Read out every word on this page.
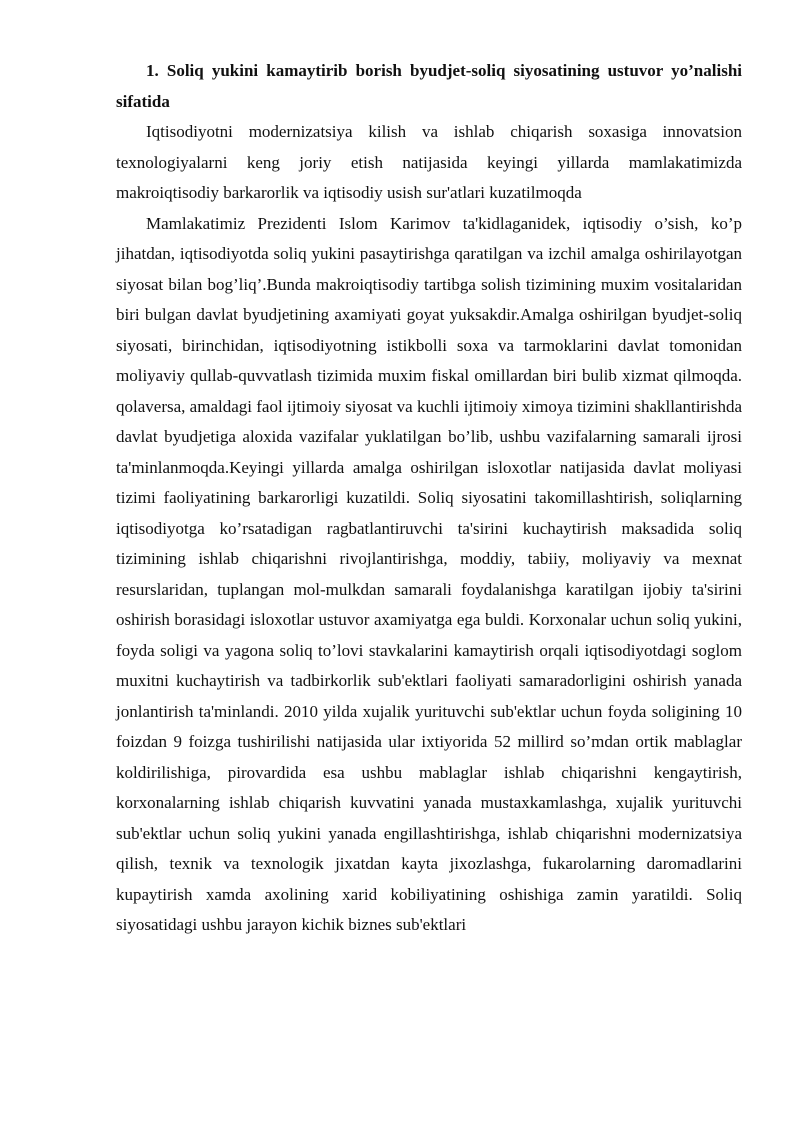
1. Soliq yukini kamaytirib borish byudjet-soliq siyosatining ustuvor yo’nalishi sifatida

Iqtisodiyotni modernizatsiya kilish va ishlab chiqarish soxasiga innovatsion texnologiyalarni keng joriy etish natijasida keyingi yillarda mamlakatimizda makroiqtisodiy barkarorlik va iqtisodiy usish sur'atlari kuzatilmoqda

Mamlakatimiz Prezidenti Islom Karimov ta'kidlaganidek, iqtisodiy o’sish, ko’p jihatdan, iqtisodiyotda soliq yukini pasaytirishga qaratilgan va izchil amalga oshirilayotgan siyosat bilan bog’liq’.Bunda makroiqtisodiy tartibga solish tizimining muxim vositalaridan biri bulgan davlat byudjetining axamiyati goyat yuksakdir.Amalga oshirilgan byudjet-soliq siyosati, birinchidan, iqtisodiyotning istikbolli soxa va tarmoklarini davlat tomonidan moliyaviy qullab-quvvatlash tizimida muxim fiskal omillardan biri bulib xizmat qilmoqda. qolaversa, amaldagi faol ijtimoiy siyosat va kuchli ijtimoiy ximoya tizimini shakllantirishda davlat byudjetiga aloxida vazifalar yuklatilgan bo’lib, ushbu vazifalarning samarali ijrosi ta'minlanmoqda.Keyingi yillarda amalga oshirilgan isloxotlar natijasida davlat moliyasi tizimi faoliyatining barkarorligi kuzatildi. Soliq siyosatini takomillashtirish, soliqlarning iqtisodiyotga ko’rsatadigan ragbatlantiruvchi ta'sirini kuchaytirish maksadida soliq tizimining ishlab chiqarishni rivojlantirishga, moddiy, tabiiy, moliyaviy va mexnat resurslaridan, tuplangan mol-mulkdan samarali foydalanishga karatilgan ijobiy ta'sirini oshirish borasidagi isloxotlar ustuvor axamiyatga ega buldi. Korxonalar uchun soliq yukini, foyda soligi va yagona soliq to’lovi stavkalarini kamaytirish orqali iqtisodiyotdagi soglom muxitni kuchaytirish va tadbirkorlik sub'ektlari faoliyati samaradorligini oshirish yanada jonlantirish ta'minlandi. 2010 yilda xujalik yurituvchi sub'ektlar uchun foyda soligining 10 foizdan 9 foizga tushirilishi natijasida ular ixtiyorida 52 millird so’mdan ortik mablaglar koldirilishiga, pirovardida esa ushbu mablaglar ishlab chiqarishni kengaytirish, korxonalarning ishlab chiqarish kuvvatini yanada mustaxkamlashga, xujalik yurituvchi sub'ektlar uchun soliq yukini yanada engillashtirishga, ishlab chiqarishni modernizatsiya qilish, texnik va texnologik jixatdan kayta jixozlashga, fukarolarning daromadlarini kupaytirish xamda axolining xarid kobiliyatining oshishiga zamin yaratildi. Soliq siyosatidagi ushbu jarayon kichik biznes sub'ektlari
